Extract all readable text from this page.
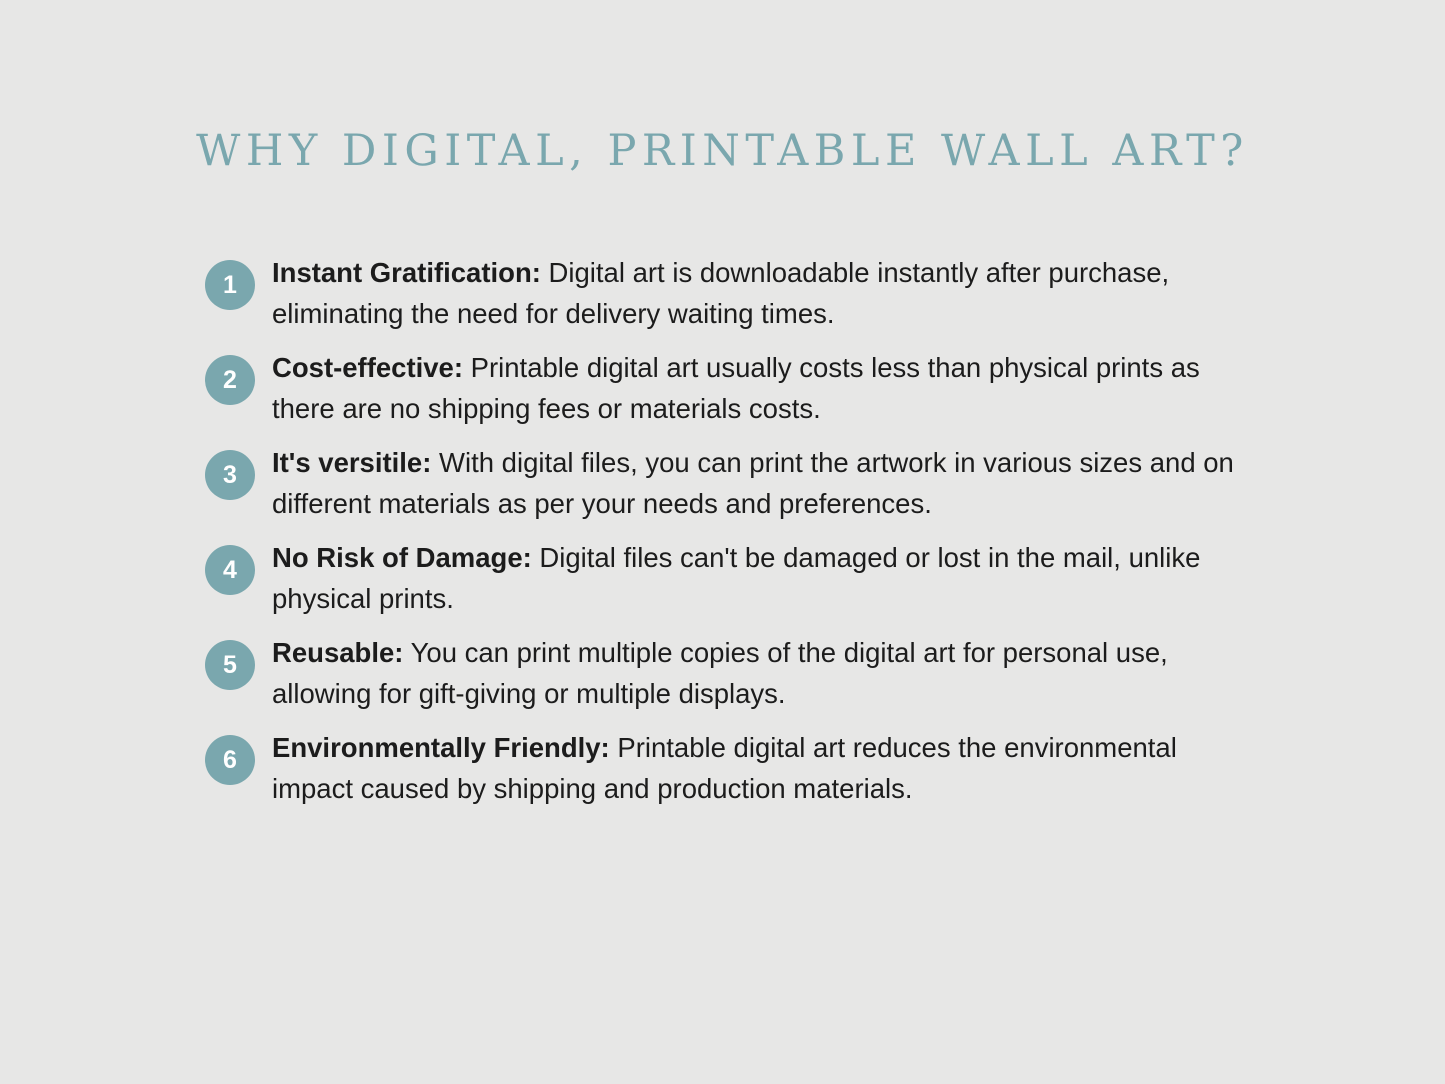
WHY DIGITAL, PRINTABLE WALL ART?
1	Instant Gratification: Digital art is downloadable instantly after purchase, eliminating the need for delivery waiting times.
2	Cost-effective: Printable digital art usually costs less than physical prints as there are no shipping fees or materials costs.
3	It's versitile: With digital files, you can print the artwork in various sizes and on different materials as per your needs and preferences.
4	No Risk of Damage: Digital files can't be damaged or lost in the mail, unlike physical prints.
5	Reusable: You can print multiple copies of the digital art for personal use, allowing for gift-giving or multiple displays.
6	Environmentally Friendly: Printable digital art reduces the environmental impact caused by shipping and production materials.
